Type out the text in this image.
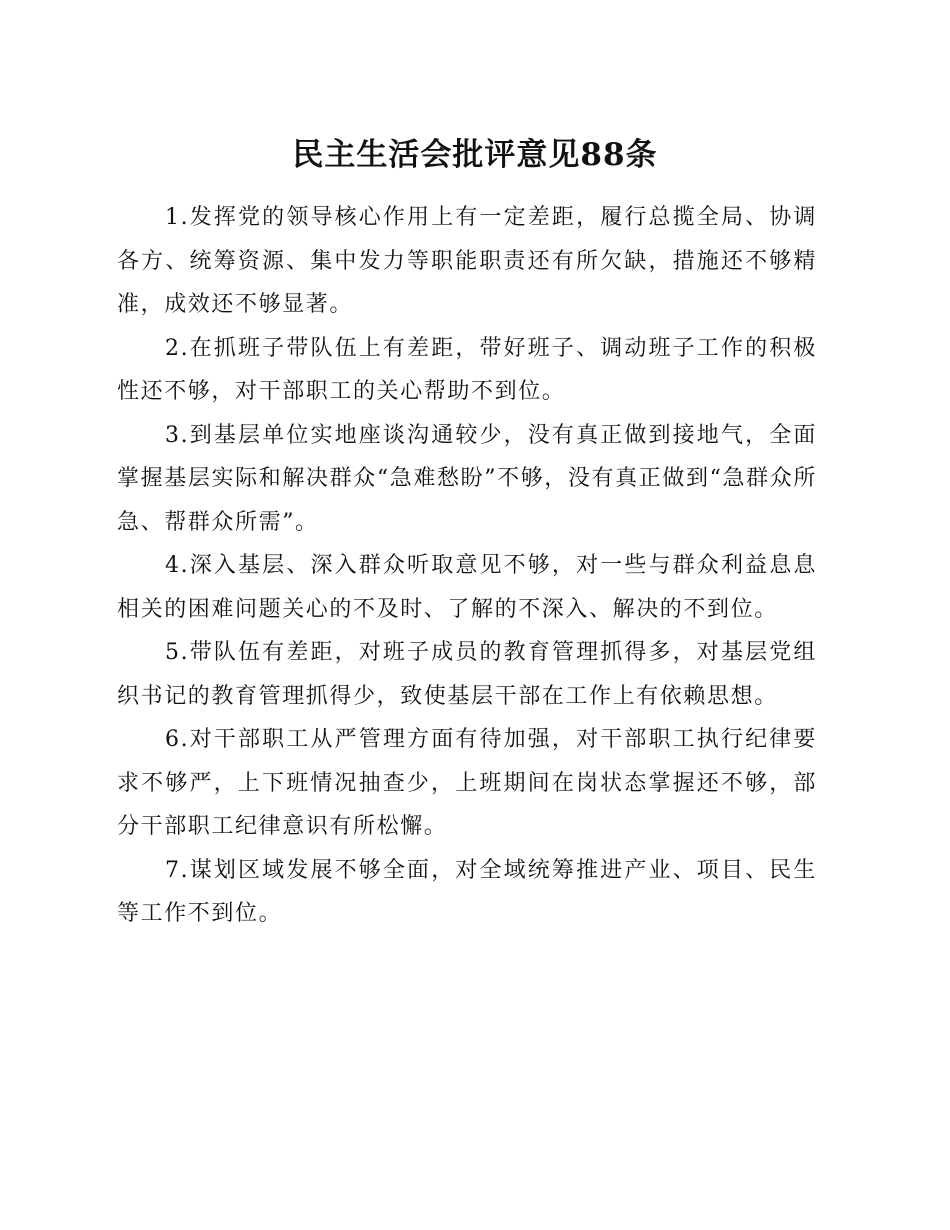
民主生活会批评意见88条

1.发挥党的领导核心作用上有一定差距，履行总揽全局、协调各方、统筹资源、集中发力等职能职责还有所欠缺，措施还不够精准，成效还不够显著。

2.在抓班子带队伍上有差距，带好班子、调动班子工作的积极性还不够，对干部职工的关心帮助不到位。

3.到基层单位实地座谈沟通较少，没有真正做到接地气，全面掌握基层实际和解决群众“急难愁盼”不够，没有真正做到“急群众所急、帮群众所需”。

4.深入基层、深入群众听取意见不够，对一些与群众利益息息相关的困难问题关心的不及时、了解的不深入、解决的不到位。

5.带队伍有差距，对班子成员的教育管理抓得多，对基层党组织书记的教育管理抓得少，致使基层干部在工作上有依赖思想。

6.对干部职工从严管理方面有待加强，对干部职工执行纪律要求不够严，上下班情况抽查少，上班期间在岗状态掌握还不够，部分干部职工纪律意识有所松懈。

7.谋划区域发展不够全面，对全域统筹推进产业、项目、民生等工作不到位。
